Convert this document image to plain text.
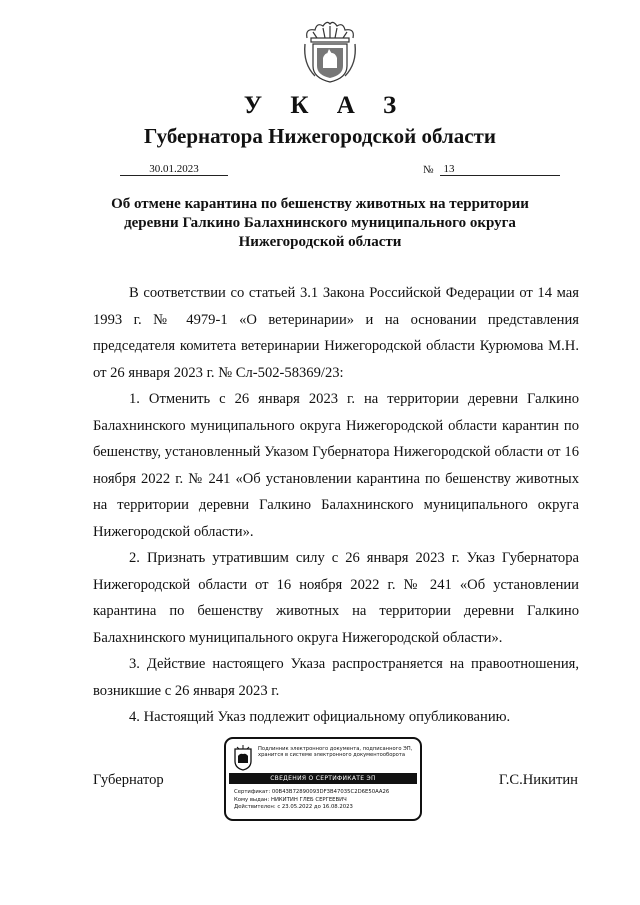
У К А З
Губернатора Нижегородской области
30.01.2023	№ 13
Об отмене карантина по бешенству животных на территории
деревни Галкино Балахнинского муниципального округа
Нижегородской области

В соответствии со статьей 3.1 Закона Российской Федерации от 14 мая 1993 г. № 4979-1 «О ветеринарии» и на основании представления председателя комитета ветеринарии Нижегородской области Курюмова М.Н. от 26 января 2023 г. № Сл-502-58369/23:

1. Отменить с 26 января 2023 г. на территории деревни Галкино Балахнинского муниципального округа Нижегородской области карантин по бешенству, установленный Указом Губернатора Нижегородской области от 16 ноября 2022 г. № 241 «Об установлении карантина по бешенству животных на территории деревни Галкино Балахнинского муниципального округа Нижегородской области».

2. Признать утратившим силу с 26 января 2023 г. Указ Губернатора Нижегородской области от 16 ноября 2022 г. № 241 «Об установлении карантина по бешенству животных на территории деревни Галкино Балахнинского муниципального округа Нижегородской области».

3. Действие настоящего Указа распространяется на правоотношения, возникшие с 26 января 2023 г.

4. Настоящий Указ подлежит официальному опубликованию.

Губернатор	Г.С.Никитин
Подлинник электронного документа, подписанного ЭП,
хранится в системе электронного документооборота
СВЕДЕНИЯ О СЕРТИФИКАТЕ ЭП
Сертификат: 00B43B72890093DF3B47035C2D6E50AA26
Кому выдан: НИКИТИН ГЛЕБ СЕРГЕЕВИЧ
Действителен: с 23.05.2022 до 16.08.2023
